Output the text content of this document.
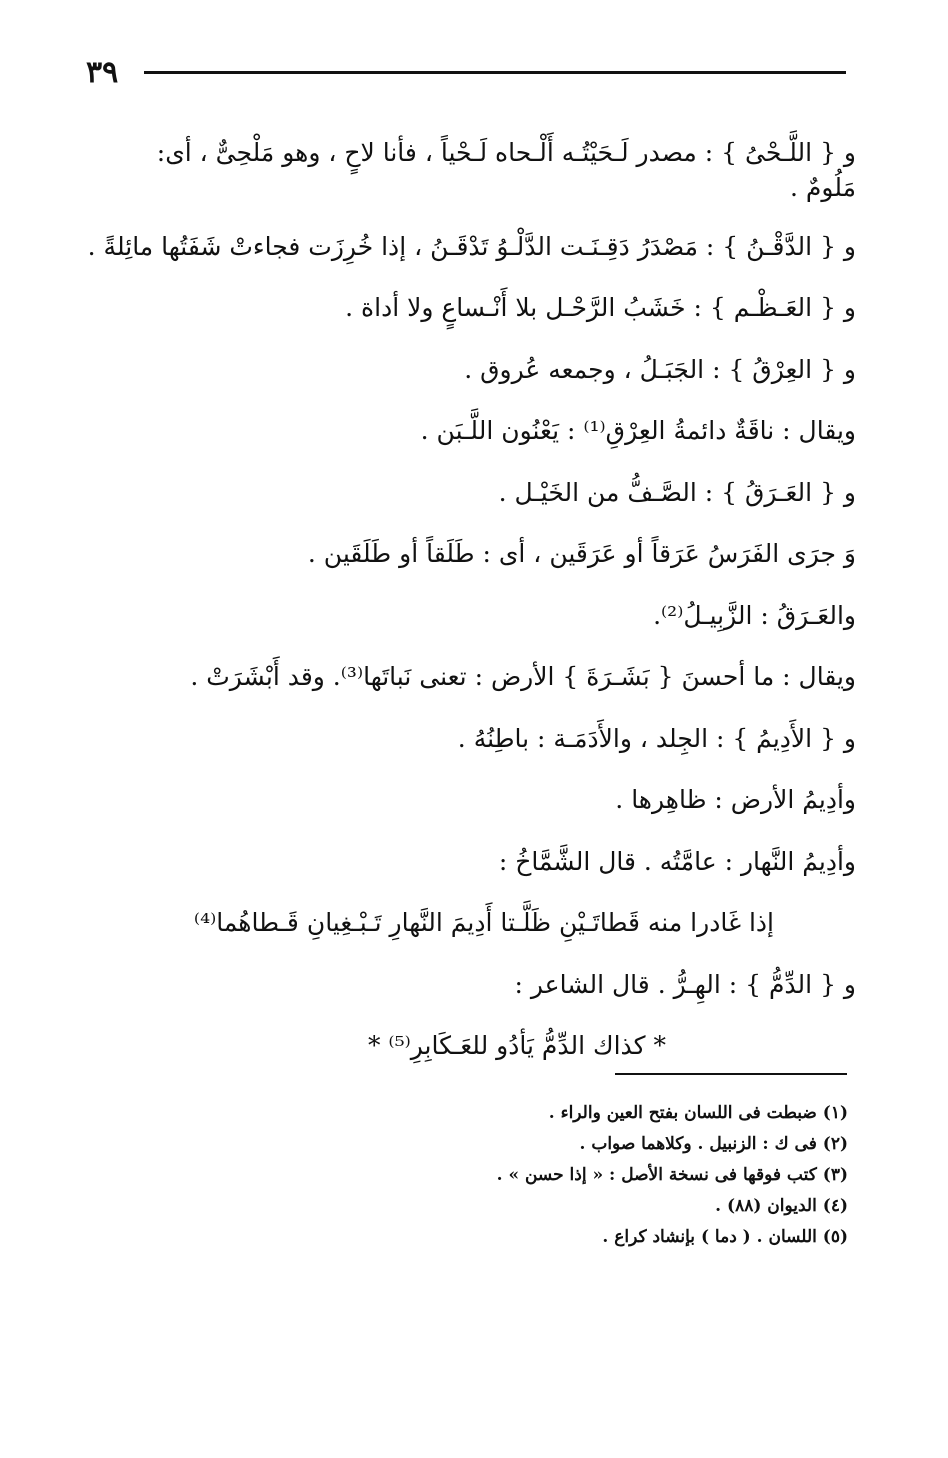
٣٩
و { اللَّـحْىُ } : مصدر لَـحَيْتُـه أَلْـحاه لَـحْياً ، فأنا لاحٍ ، وهو مَلْحِىٌّ ، أى:
مَلُومٌ .
و { الدَّقْـنُ } : مَصْدَرُ دَقِـنَـت الدَّلْـوُ تَدْقَـنُ ، إذا خُرِزَت فجاءتْ شَفَتُها مائِلةً .
و { العَـظْـم } : خَشَبُ الرَّحْـل بلا أَنْـساعٍ ولا أداة .
و { العِرْقُ } : الجَبَـلُ ، وجمعه عُروق .
ويقال : ناقَةٌ دائمةُ العِرْقِ⁽¹⁾ : يَعْنُون اللَّـبَن .
و { العَـرَقُ } : الصَّـفُّ من الخَيْـل .
وَ جرَى الفَرَسُ عَرَقاً أو عَرَقَين ، أى : طَلَقاً أو طَلَقَين .
والعَـرَقُ : الزَّبِيـلُ⁽²⁾.
ويقال : ما أحسنَ { بَشَـرَةَ } الأرض : تعنى نَباتَها⁽³⁾. وقد أَبْشَرَتْ .
و { الأَدِيمُ } : الجِلد ، والأَدَمَـة : باطِنُهُ .
وأدِيمُ الأرض : ظاهِرها .
وأدِيمُ النَّهار : عامَّتُه . قال الشَّمَّاخُ :
إذا غَادرا منه قَطاتَـيْنِ ظَلَّـتا أَدِيمَ النَّهارِ تَـبْـغِيانِ قَـطاهُما⁽⁴⁾
و { الدِّمُّ } : الهِـرُّ . قال الشاعر :
* كذاك الدِّمُّ يَأدُو للعَـكَابِرِ⁽⁵⁾ *
(١) ضبطت فى اللسان بفتح العين والراء .
(٢) فى ك : الزنبيل . وكلاهما صواب .
(٣) كتب فوقها فى نسخة الأصل : « إذا حسن » .
(٤) الديوان (٨٨) .
(٥) اللسان . ( دما ) بإنشاد كراع .
